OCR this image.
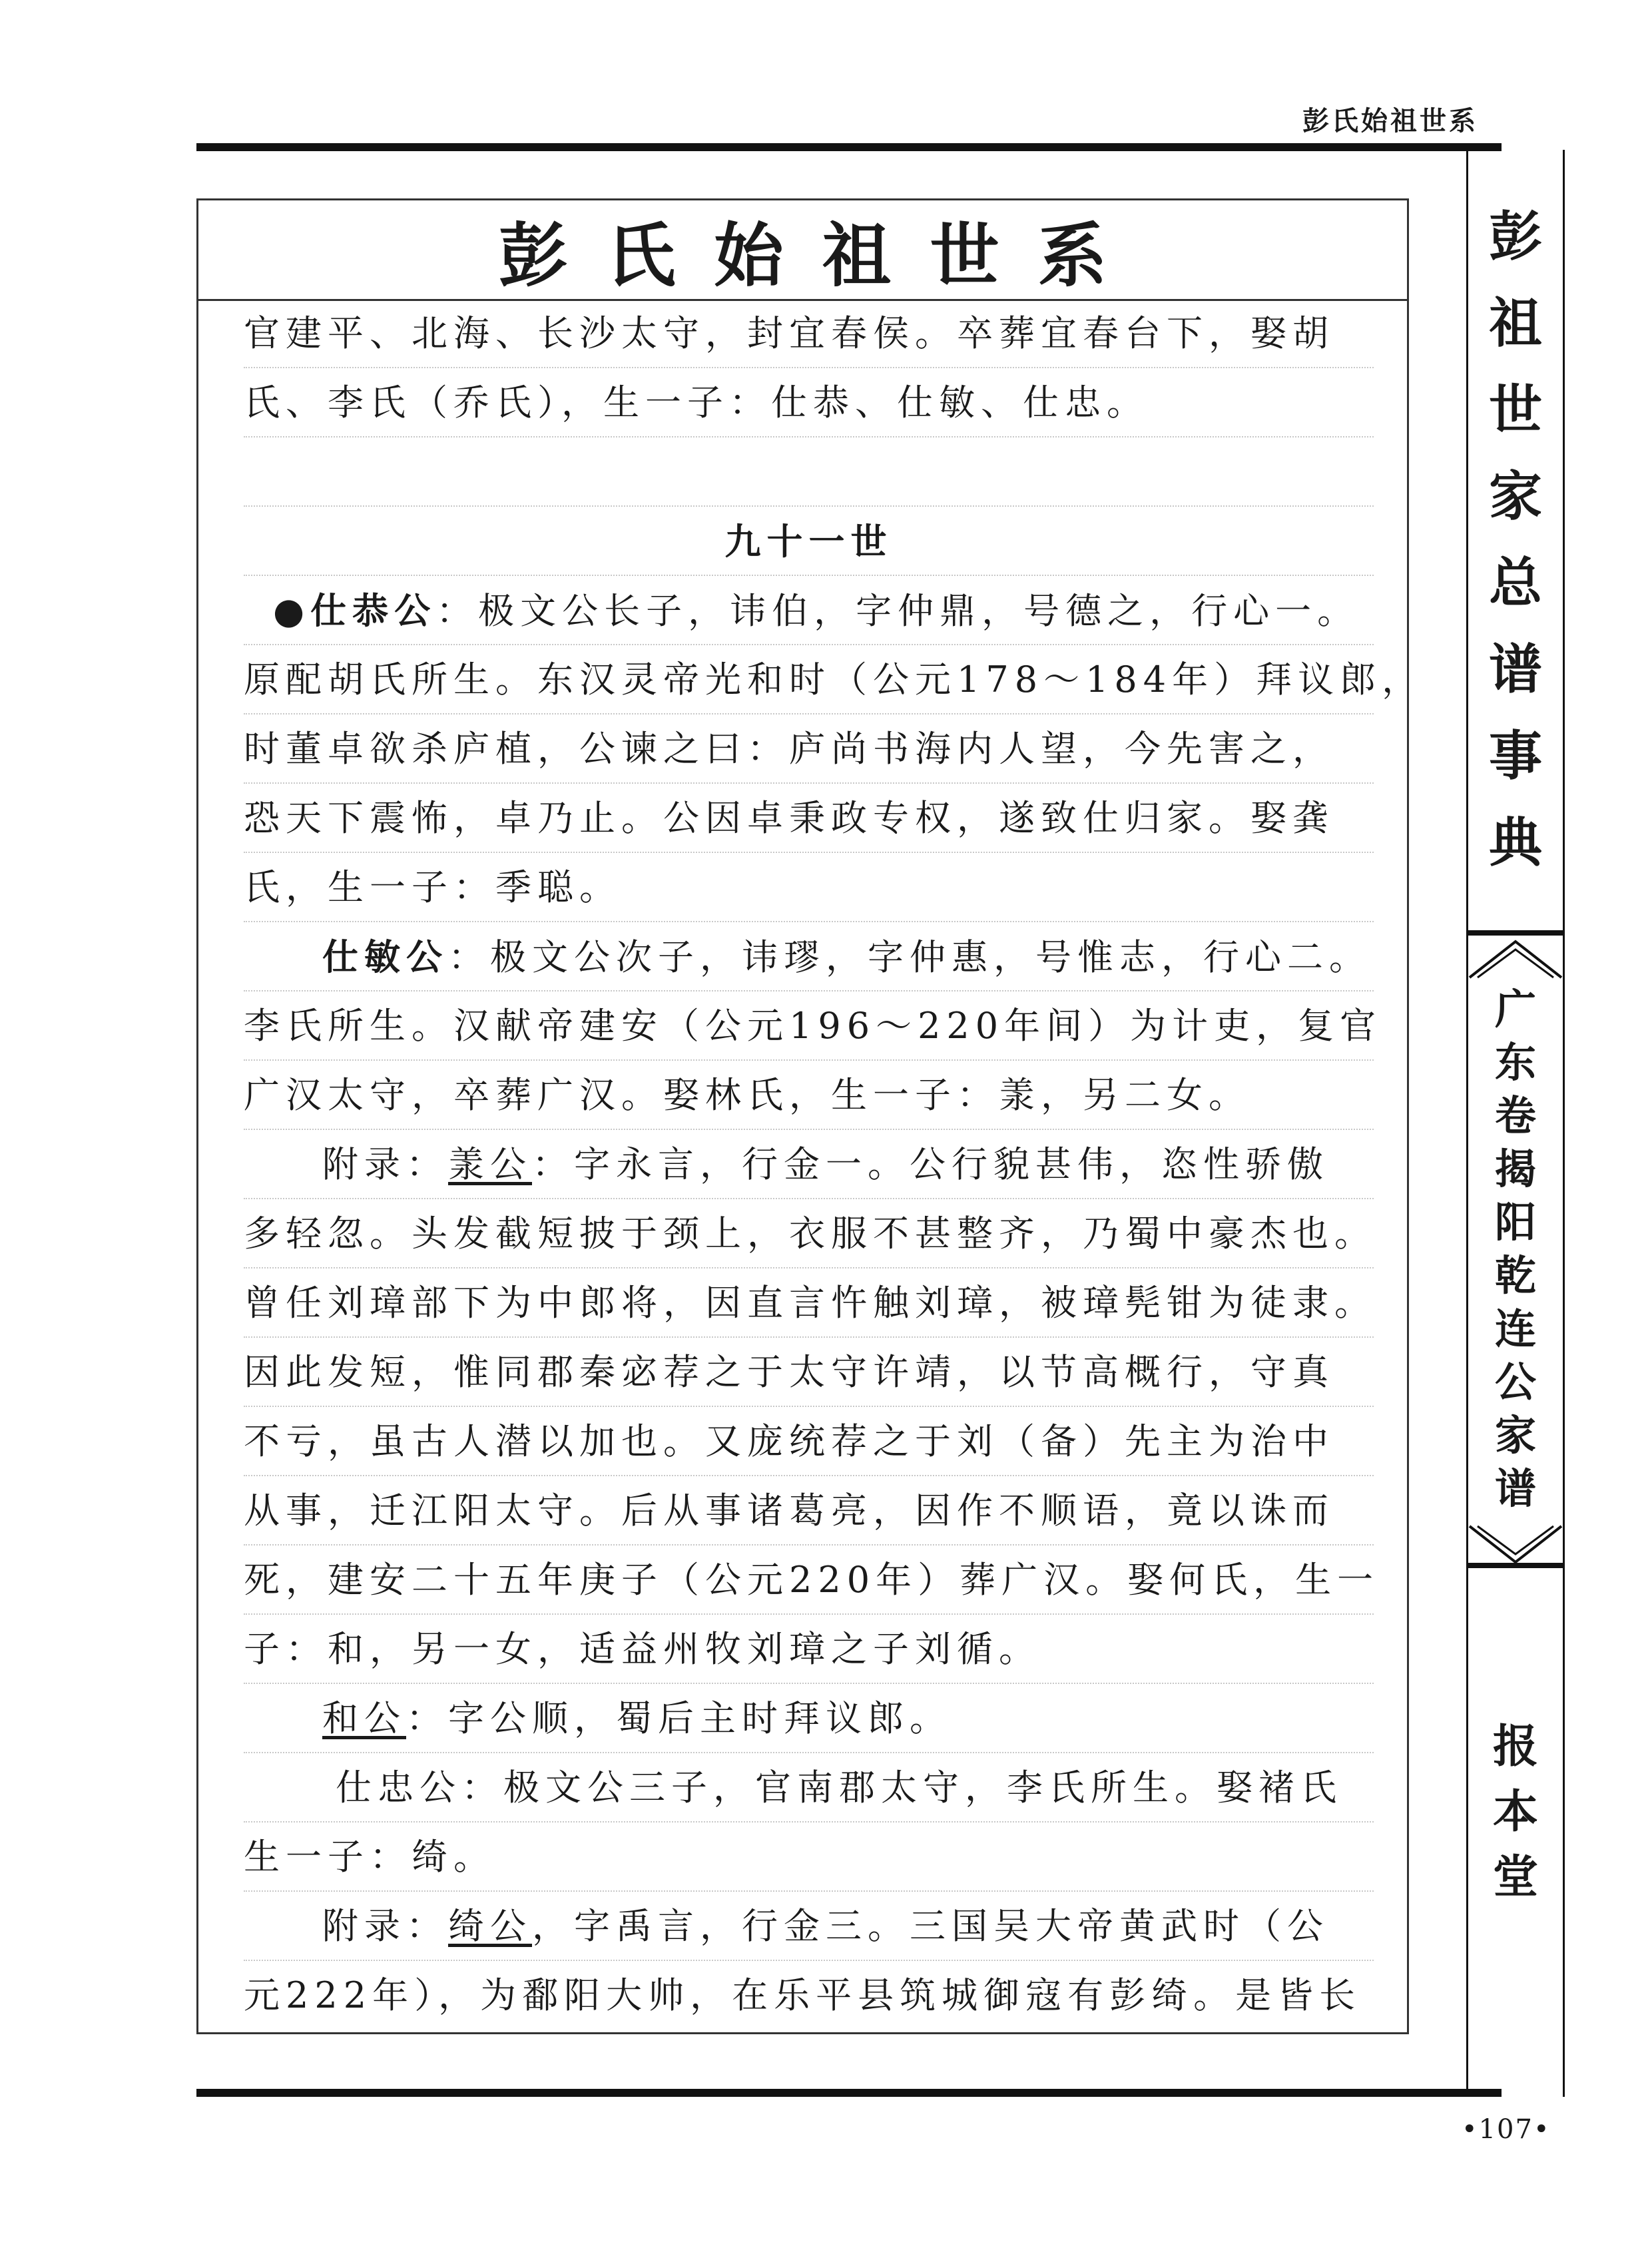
彭氏始祖世系
彭氏始祖世系
官建平、北海、长沙太守，封宜春侯。卒葬宜春台下，娶胡
氏、李氏（乔氏），生一子：仕恭、仕敏、仕忠。
九十一世
●仕恭公：极文公长子，讳伯，字仲鼎，号德之，行心一。
原配胡氏所生。东汉灵帝光和时（公元178～184年）拜议郎，
时董卓欲杀庐植，公谏之曰：庐尚书海内人望，今先害之，
恐天下震怖，卓乃止。公因卓秉政专权，遂致仕归家。娶龚
氏，生一子：季聪。
仕敏公：极文公次子，讳璆，字仲惠，号惟志，行心二。
李氏所生。汉献帝建安（公元196～220年间）为计吏，复官
广汉太守，卒葬广汉。娶林氏，生一子：羕，另二女。
附录：羕公：字永言，行金一。公行貌甚伟，恣性骄傲
多轻忽。头发截短披于颈上，衣服不甚整齐，乃蜀中豪杰也。
曾任刘璋部下为中郎将，因直言忤触刘璋，被璋髡钳为徒隶。
因此发短，惟同郡秦宓荐之于太守许靖，以节高概行，守真
不亏，虽古人潜以加也。又庞统荐之于刘（备）先主为治中
从事，迁江阳太守。后从事诸葛亮，因作不顺语，竟以诛而
死，建安二十五年庚子（公元220年）葬广汉。娶何氏，生一
子：和，另一女，适益州牧刘璋之子刘循。
和公：字公顺，蜀后主时拜议郎。
仕忠公：极文公三子，官南郡太守，李氏所生。娶褚氏
生一子：绮。
附录：绮公，字禹言，行金三。三国吴大帝黄武时（公
元222年），为鄱阳大帅，在乐平县筑城御寇有彭绮。是皆长
彭
祖
世
家
总
谱
事
典
广
东
卷
揭
阳
乾
连
公
家
谱
报
本
堂
•107•
